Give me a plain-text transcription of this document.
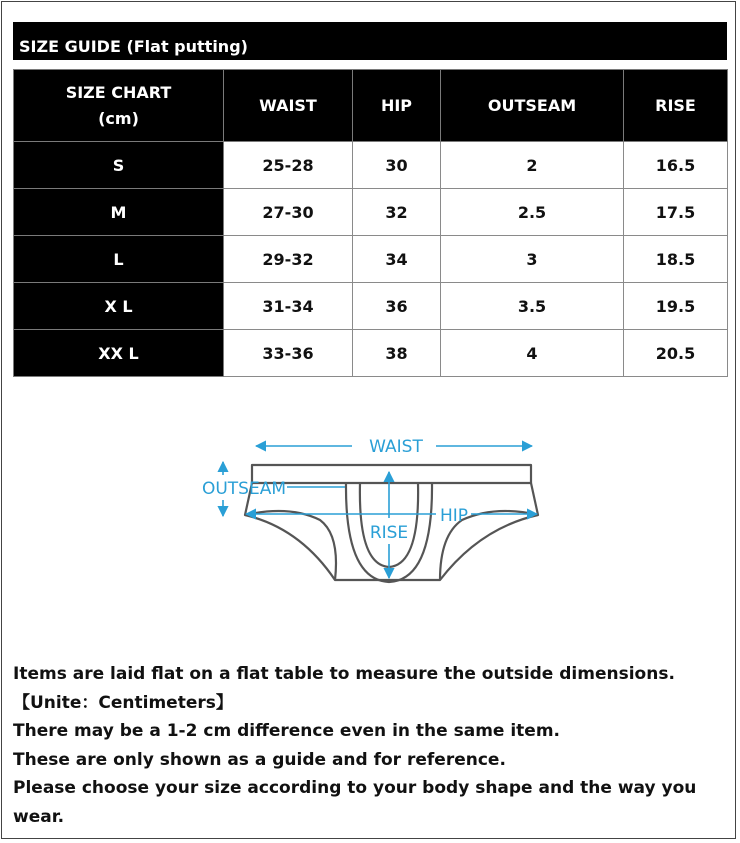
SIZE GUIDE (Flat putting)
SIZE CHART
(cm)	WAIST	HIP	OUTSEAM	RISE
S	25-28	30	2	16.5
M	27-30	32	2.5	17.5
L	29-32	34	3	18.5
X L	31-34	36	3.5	19.5
XX L	33-36	38	4	20.5
WAIST
OUTSEAM
HIP
RISE

Items are laid flat on a flat table to measure the outside dimensions.【Unite：Centimeters】

There may be a 1-2 cm difference even in the same item.

These are only shown as a guide and for reference.

Please choose your size according to your body shape and the way you wear.
